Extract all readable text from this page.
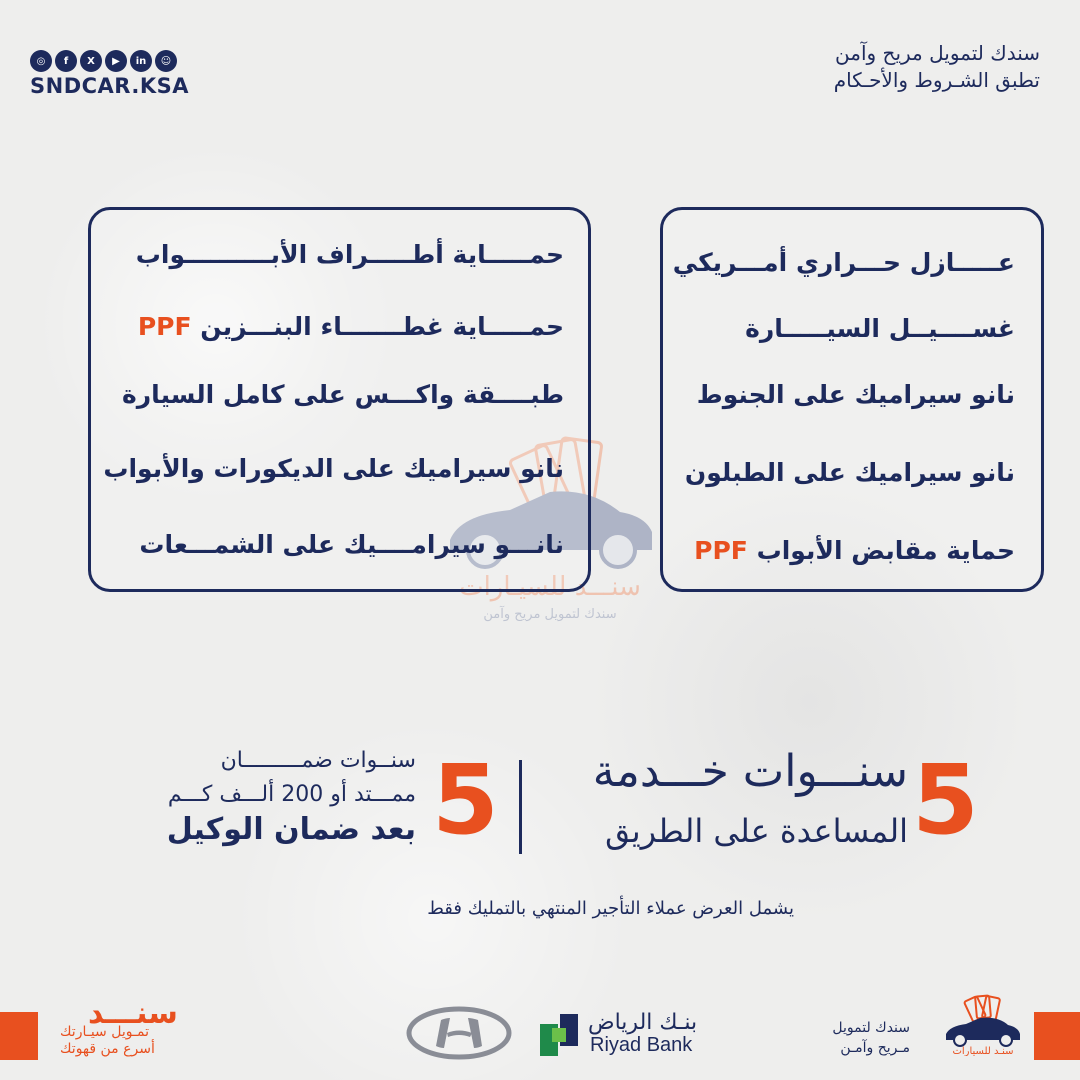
◎	f	X	▶	in	☺
SNDCAR.KSA
سندك لتمويل مريح وآمن
تطبق الشـروط والأحـكام
سنـــد للسيـارات
سندك لتمويل مريح وآمن
حمـــــاية أطـــــراف الأبــــــــــواب
حمـــــاية غطـــــــاء البنـــزين PPF
طبــــقة واكـــس على كامل السيارة
نانو سيراميك على الديكورات والأبواب
نانـــو سيرامــــيك على الشمـــعات
عـــــازل حـــراري أمـــريكي
غســــيــل السيـــــارة
نانو سيراميك على الجنوط
نانو سيراميك على الطبلون
حماية مقابض الأبواب PPF
5
سنـــوات خـــدمة
المساعدة على الطريق
5
سنــوات ضمـــــــــان
ممـــتد أو 200 ألـــف كـــم
بعد ضمان الوكيل
يشمل العرض عملاء التأجير المنتهي بالتمليك فقط
سنـــد
تمـويل سيـارتك
أسرع من قهوتك
بنـك الرياض
Riyad Bank
سندك لتمويل
مـريح وآمـن	سنـد للسيارات
